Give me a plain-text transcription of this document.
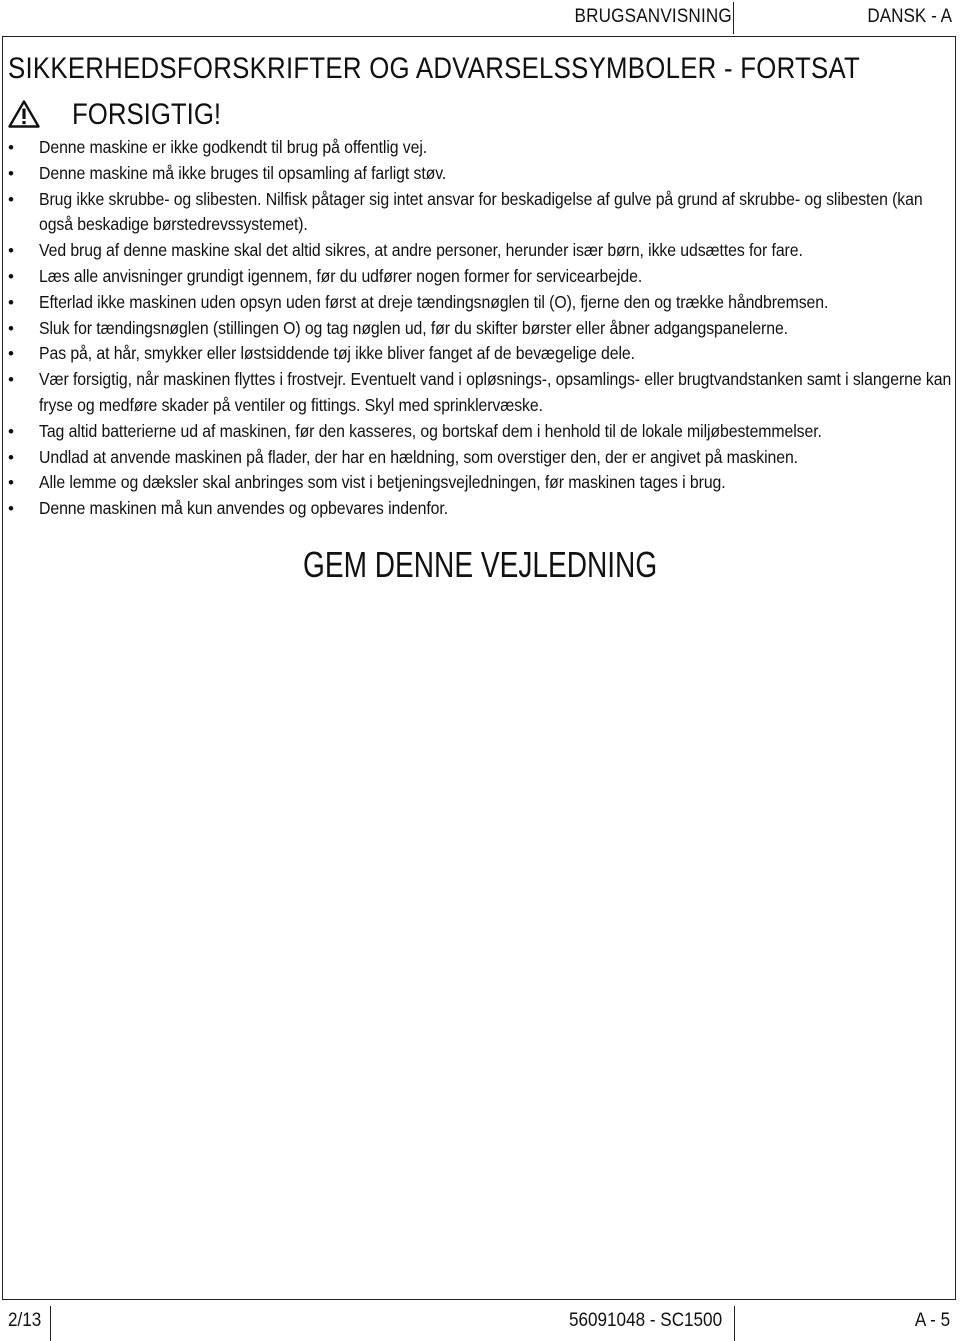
BRUGSANVISNING	DANSK - A
SIKKERHEDSFORSKRIFTER OG ADVARSELSSYMBOLER - FORTSAT
FORSIGTIG!
• Denne maskine er ikke godkendt til brug på offentlig vej.
• Denne maskine må ikke bruges til opsamling af farligt støv.
• Brug ikke skrubbe- og slibesten. Nilfisk påtager sig intet ansvar for beskadigelse af gulve på grund af skrubbe- og slibesten (kan også beskadige børstedrevssystemet).
• Ved brug af denne maskine skal det altid sikres, at andre personer, herunder især børn, ikke udsættes for fare.
• Læs alle anvisninger grundigt igennem, før du udfører nogen former for servicearbejde.
• Efterlad ikke maskinen uden opsyn uden først at dreje tændingsnøglen til (O), fjerne den og trække håndbremsen.
• Sluk for tændingsnøglen (stillingen O) og tag nøglen ud, før du skifter børster eller åbner adgangspanelerne.
• Pas på, at hår, smykker eller løstsiddende tøj ikke bliver fanget af de bevægelige dele.
• Vær forsigtig, når maskinen flyttes i frostvejr. Eventuelt vand i opløsnings-, opsamlings- eller brugtvandstanken samt i slangerne kan fryse og medføre skader på ventiler og fittings. Skyl med sprinklervæske.
• Tag altid batterierne ud af maskinen, før den kasseres, og bortskaf dem i henhold til de lokale miljøbestemmelser.
• Undlad at anvende maskinen på flader, der har en hældning, som overstiger den, der er angivet på maskinen.
• Alle lemme og dæksler skal anbringes som vist i betjeningsvejledningen, før maskinen tages i brug.
• Denne maskinen må kun anvendes og opbevares indenfor.
GEM DENNE VEJLEDNING
2/13	56091048 - SC1500	A - 5
